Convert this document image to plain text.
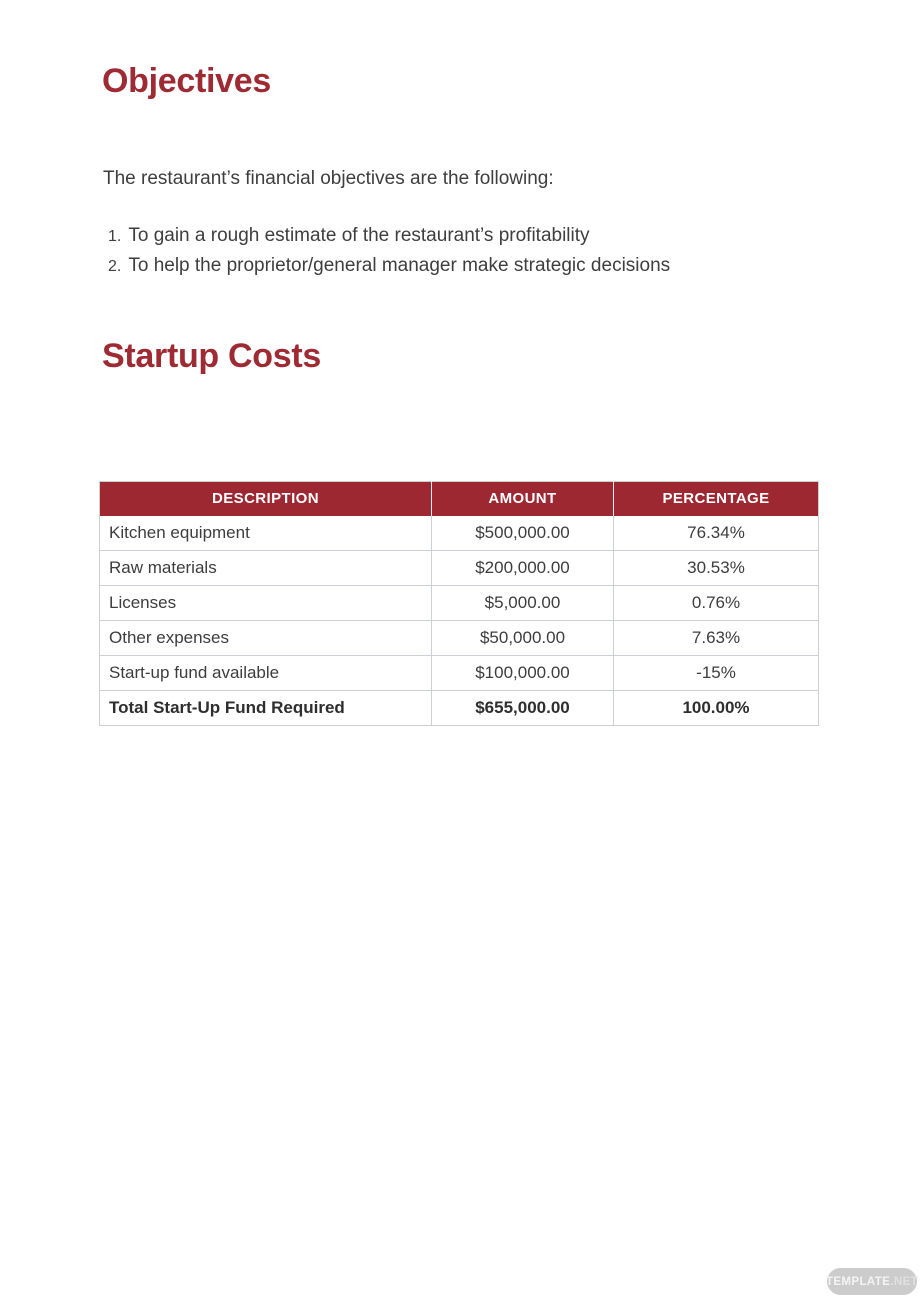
Objectives

The restaurant’s financial objectives are the following:

1. To gain a rough estimate of the restaurant’s profitability
2. To help the proprietor/general manager make strategic decisions
Startup Costs
DESCRIPTION	AMOUNT	PERCENTAGE
Kitchen equipment	$500,000.00	76.34%
Raw materials	$200,000.00	30.53%
Licenses	$5,000.00	0.76%
Other expenses	$50,000.00	7.63%
Start-up fund available	$100,000.00	-15%
Total Start-Up Fund Required	$655,000.00	100.00%
TEMPLATE .NET
